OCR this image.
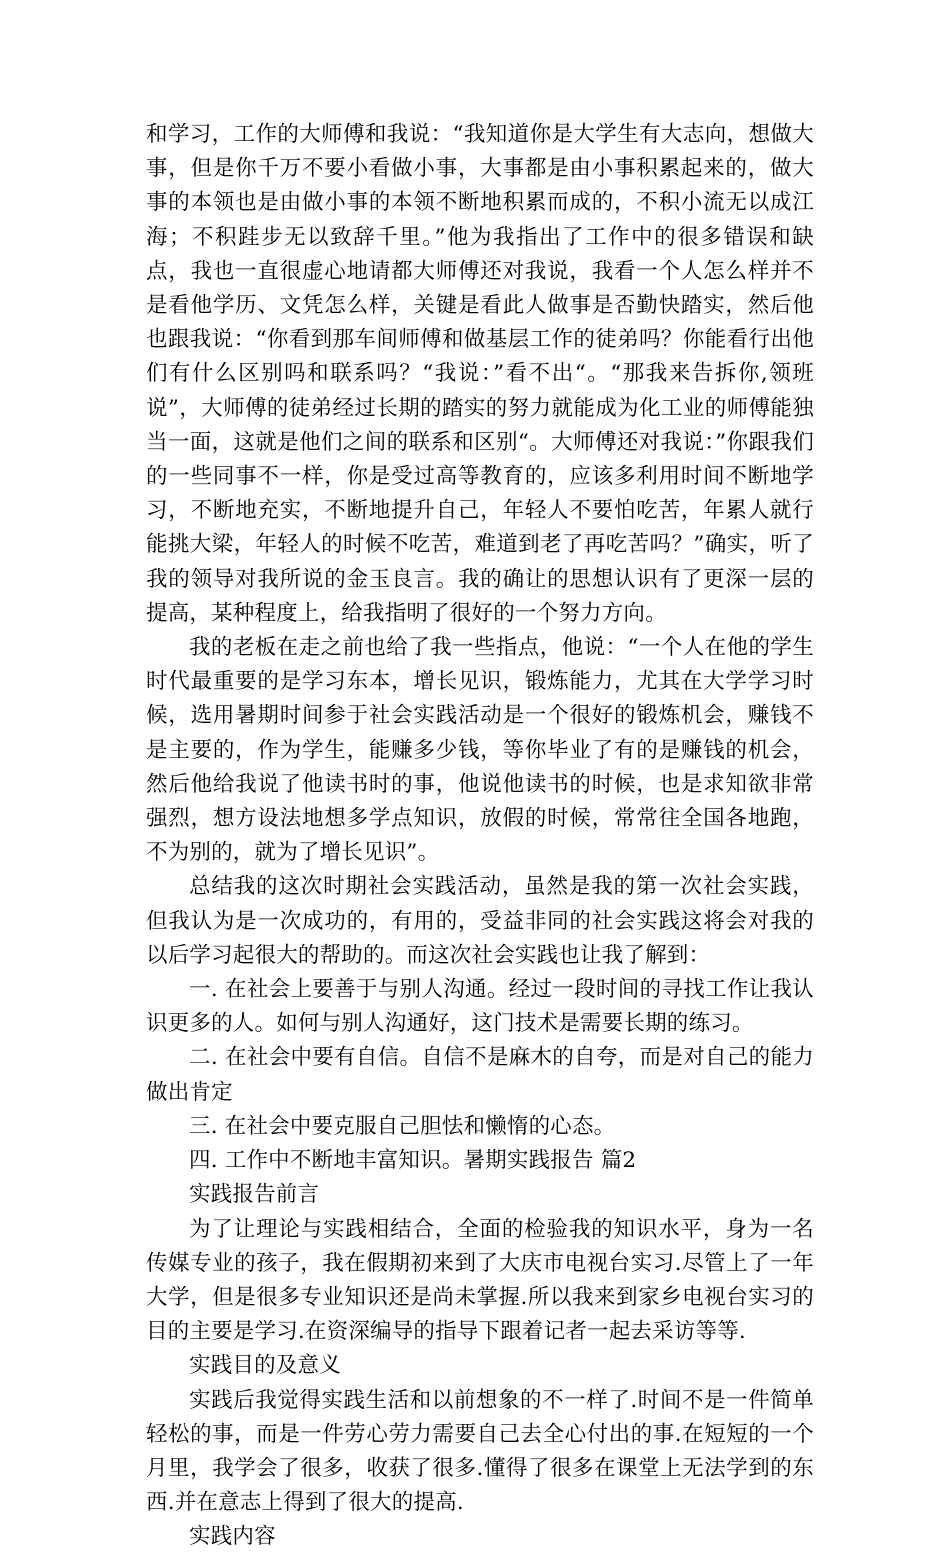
和学习，工作的大师傅和我说：“我知道你是大学生有大志向，想做大事，但是你千万不要小看做小事，大事都是由小事积累起来的，做大事的本领也是由做小事的本领不断地积累而成的，不积小流无以成江海；不积跬步无以致辞千里。”他为我指出了工作中的很多错误和缺点，我也一直很虚心地请都大师傅还对我说，我看一个人怎么样并不是看他学历、文凭怎么样，关键是看此人做事是否勤快踏实，然后他也跟我说：“你看到那车间师傅和做基层工作的徒弟吗？你能看行出他们有什么区别吗和联系吗？“我说：”看不出“。“那我来告拆你,领班说”，大师傅的徒弟经过长期的踏实的努力就能成为化工业的师傅能独当一面，这就是他们之间的联系和区别“。大师傅还对我说：”你跟我们的一些同事不一样，你是受过高等教育的，应该多利用时间不断地学习，不断地充实，不断地提升自己，年轻人不要怕吃苦，年累人就行能挑大梁，年轻人的时候不吃苦，难道到老了再吃苦吗？”确实，听了我的领导对我所说的金玉良言。我的确让的思想认识有了更深一层的提高，某种程度上，给我指明了很好的一个努力方向。

我的老板在走之前也给了我一些指点，他说：“一个人在他的学生时代最重要的是学习东本，增长见识，锻炼能力，尤其在大学学习时候，选用暑期时间参于社会实践活动是一个很好的锻炼机会，赚钱不是主要的，作为学生，能赚多少钱，等你毕业了有的是赚钱的机会，然后他给我说了他读书时的事，他说他读书的时候，也是求知欲非常强烈，想方设法地想多学点知识，放假的时候，常常往全国各地跑，不为别的，就为了增长见识”。

总结我的这次时期社会实践活动，虽然是我的第一次社会实践，但我认为是一次成功的，有用的，受益非同的社会实践这将会对我的以后学习起很大的帮助的。而这次社会实践也让我了解到：

一. 在社会上要善于与别人沟通。经过一段时间的寻找工作让我认识更多的人。如何与别人沟通好，这门技术是需要长期的练习。

二. 在社会中要有自信。自信不是麻木的自夸，而是对自己的能力做出肯定

三. 在社会中要克服自己胆怯和懒惰的心态。

四. 工作中不断地丰富知识。暑期实践报告 篇2

实践报告前言

为了让理论与实践相结合，全面的检验我的知识水平，身为一名传媒专业的孩子，我在假期初来到了大庆市电视台实习.尽管上了一年大学，但是很多专业知识还是尚未掌握.所以我来到家乡电视台实习的目的主要是学习.在资深编导的指导下跟着记者一起去采访等等.

实践目的及意义

实践后我觉得实践生活和以前想象的不一样了.时间不是一件简单轻松的事，而是一件劳心劳力需要自己去全心付出的事.在短短的一个月里，我学会了很多，收获了很多.懂得了很多在课堂上无法学到的东西.并在意志上得到了很大的提高.

实践内容
